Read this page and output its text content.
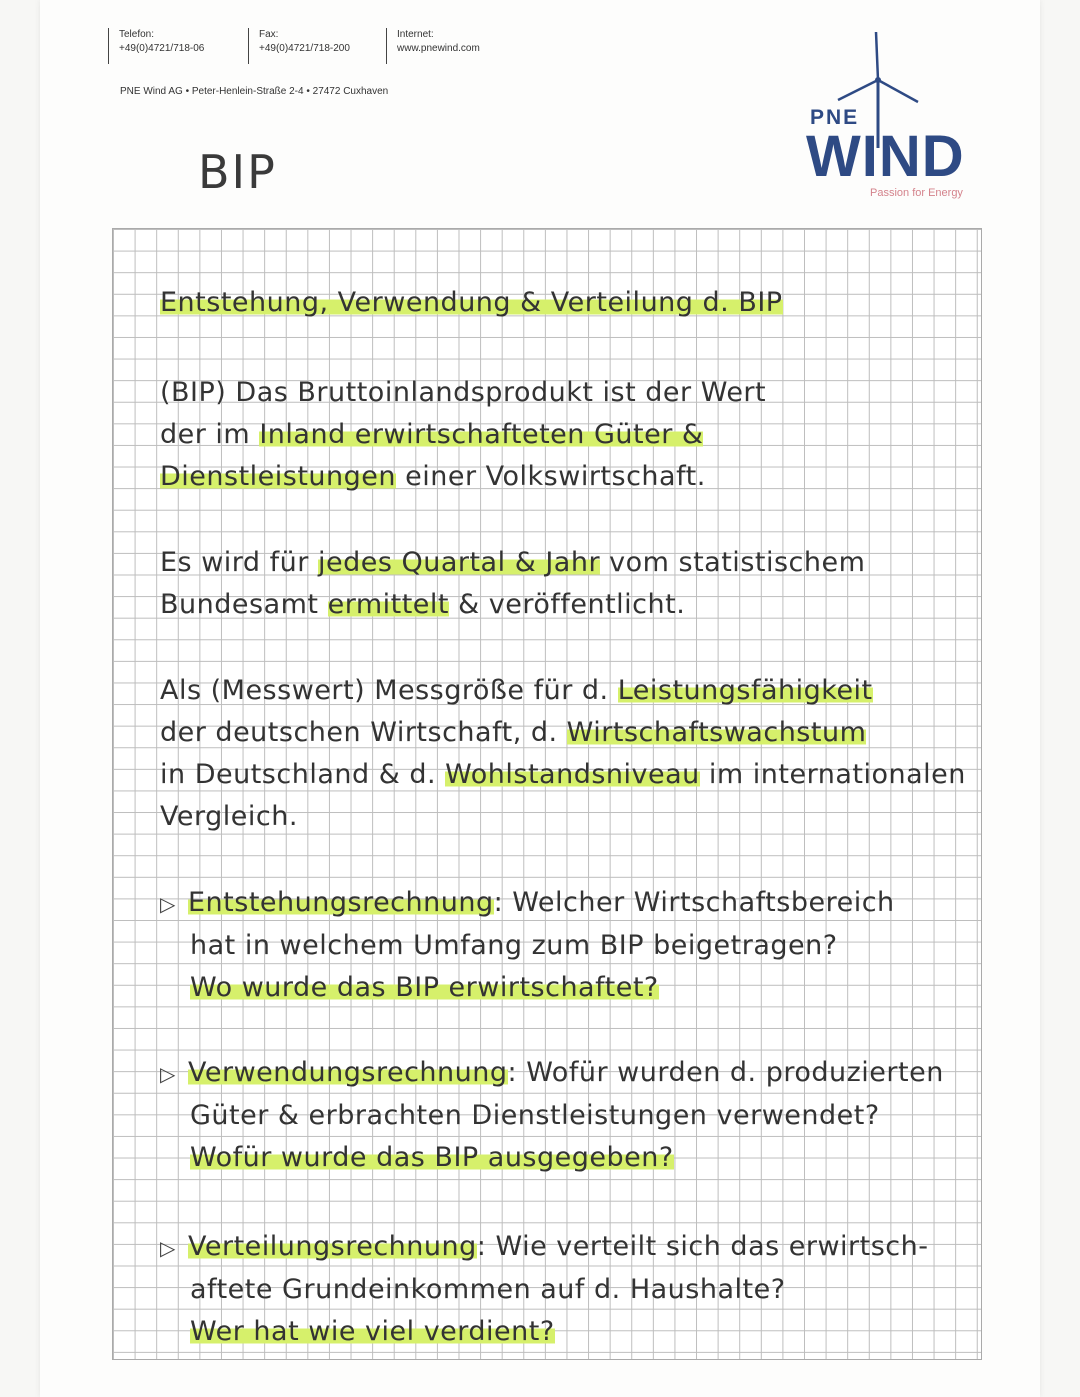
Telefon:
+49(0)4721/718-06
Fax:
+49(0)4721/718-200
Internet:
www.pnewind.com
PNE Wind AG • Peter-Henlein-Straße 2-4 • 27472 Cuxhaven
PNE
WIND
Passion for Energy
BIP
Entstehung, Verwendung & Verteilung d. BIP
(BIP) Das Bruttoinlandsprodukt ist der Wert
der im Inland erwirtschafteten Güter &
Dienstleistungen einer Volkswirtschaft.
Es wird für jedes Quartal & Jahr vom statistischem
Bundesamt ermittelt & veröffentlicht.
Als (Messwert) Messgröße für d. Leistungsfähigkeit
der deutschen Wirtschaft, d. Wirtschaftswachstum
in Deutschland & d. Wohlstandsniveau im internationalen
Vergleich.
▷ Entstehungsrechnung: Welcher Wirtschaftsbereich
hat in welchem Umfang zum BIP beigetragen?
Wo wurde das BIP erwirtschaftet?
▷ Verwendungsrechnung: Wofür wurden d. produzierten
Güter & erbrachten Dienstleistungen verwendet?
Wofür wurde das BIP ausgegeben?
▷ Verteilungsrechnung: Wie verteilt sich das erwirtsch-
aftete Grundeinkommen auf d. Haushalte?
Wer hat wie viel verdient?
